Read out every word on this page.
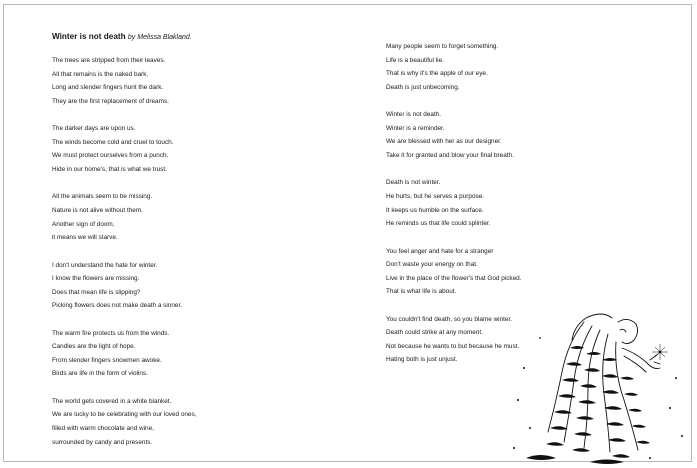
Winter is not death by Melissa Blakland.
The trees are stripped from their leaves.
All that remains is the naked bark.
Long and slender fingers hunt the dark.
They are the first replacement of dreams.
The darker days are upon us.
The winds become cold and cruel to touch.
We must protect ourselves from a punch.
Hide in our home's, that is what we trust.
All the animals seem to be missing.
Nature is not alive without them.
Another sign of doom,
it means we will starve.
I don't understand the hate for winter.
I know the flowers are missing.
Does that mean life is slipping?
Picking flowers does not make death a sinner.
The warm fire protects us from the winds.
Candles are the light of hope.
From slender fingers snowmen awoke.
Birds are life in the form of violins.
The world gets covered in a white blanket.
We are lucky to be celebrating with our loved ones,
filled with warm chocolate and wine,
surrounded by candy and presents.
Many people seem to forget something.
Life is a beautiful lie.
That is why it's the apple of our eye.
Death is just unbecoming.
Winter is not death.
Winter is a reminder.
We are blessed with her as our designer.
Take it for granted and blow your final breath.
Death is not winter.
He hurts, but he serves a purpose.
It keeps us humble on the surface.
He reminds us that life could splinter.
You feel anger and hate for a stranger
Don't waste your energy on that.
Live in the place of the flower's that God picked.
That is what life is about.
You couldn't find death, so you blame winter.
Death could strike at any moment.
Not because he wants to but because he must.
Hating both is just unjust.
